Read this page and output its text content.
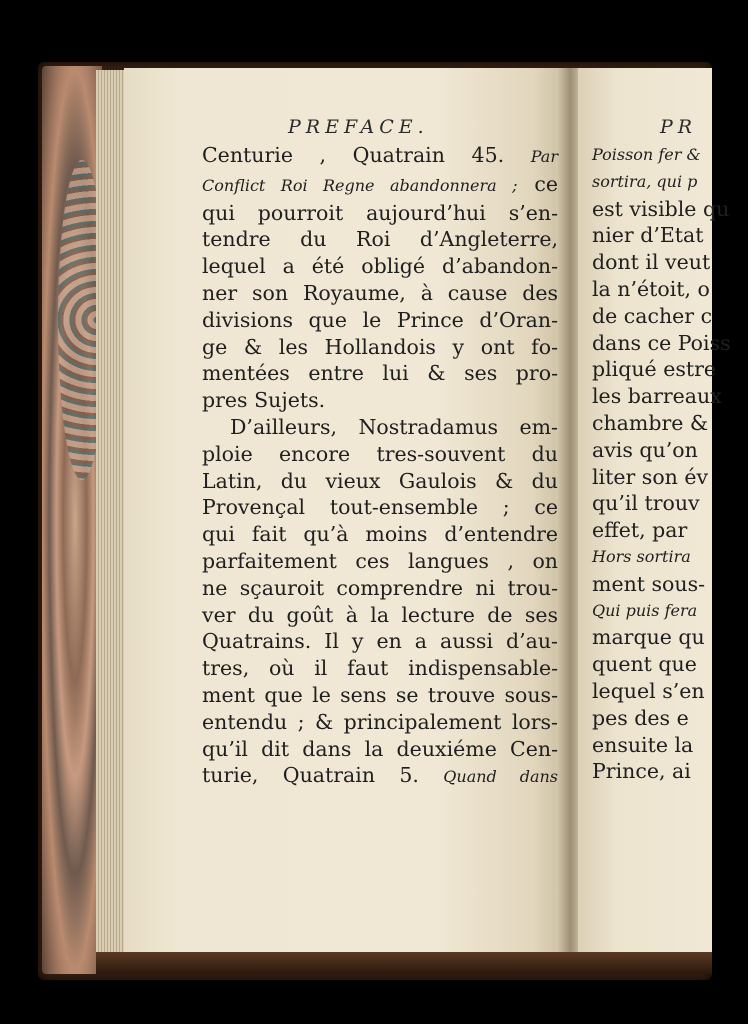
PREFACE.	PR
Centurie , Quatrain 45. Par
Conflict Roi Regne abandonnera ; ce
qui pourroit aujourd’hui s’en-
tendre du Roi d’Angleterre,
lequel a été obligé d’abandon-
ner son Royaume, à cause des
divisions que le Prince d’Oran-
ge & les Hollandois y ont fo-
mentées entre lui & ses pro-
pres Sujets.
D’ailleurs, Nostradamus em-
ploie encore tres-souvent du
Latin, du vieux Gaulois & du
Provençal tout-ensemble ; ce
qui fait qu’à moins d’entendre
parfaitement ces langues , on
ne sçauroit comprendre ni trou-
ver du goût à la lecture de ses
Quatrains. Il y en a aussi d’au-
tres, où il faut indispensable-
ment que le sens se trouve sous-
entendu ; & principalement lors-
qu’il dit dans la deuxiéme Cen-
turie, Quatrain 5. Quand dans
Poisson fer &
sortira, qui p
est visible qu
nier d’Etat
dont il veut
la n’étoit, o
de cacher c
dans ce Poiss
pliqué estre
les barreaux
chambre &
avis qu’on
liter son év
qu’il trouv
effet, par
Hors sortira
ment sous-
Qui puis fera
marque qu
quent que
lequel s’en
pes des e
ensuite la
Prince, ai
